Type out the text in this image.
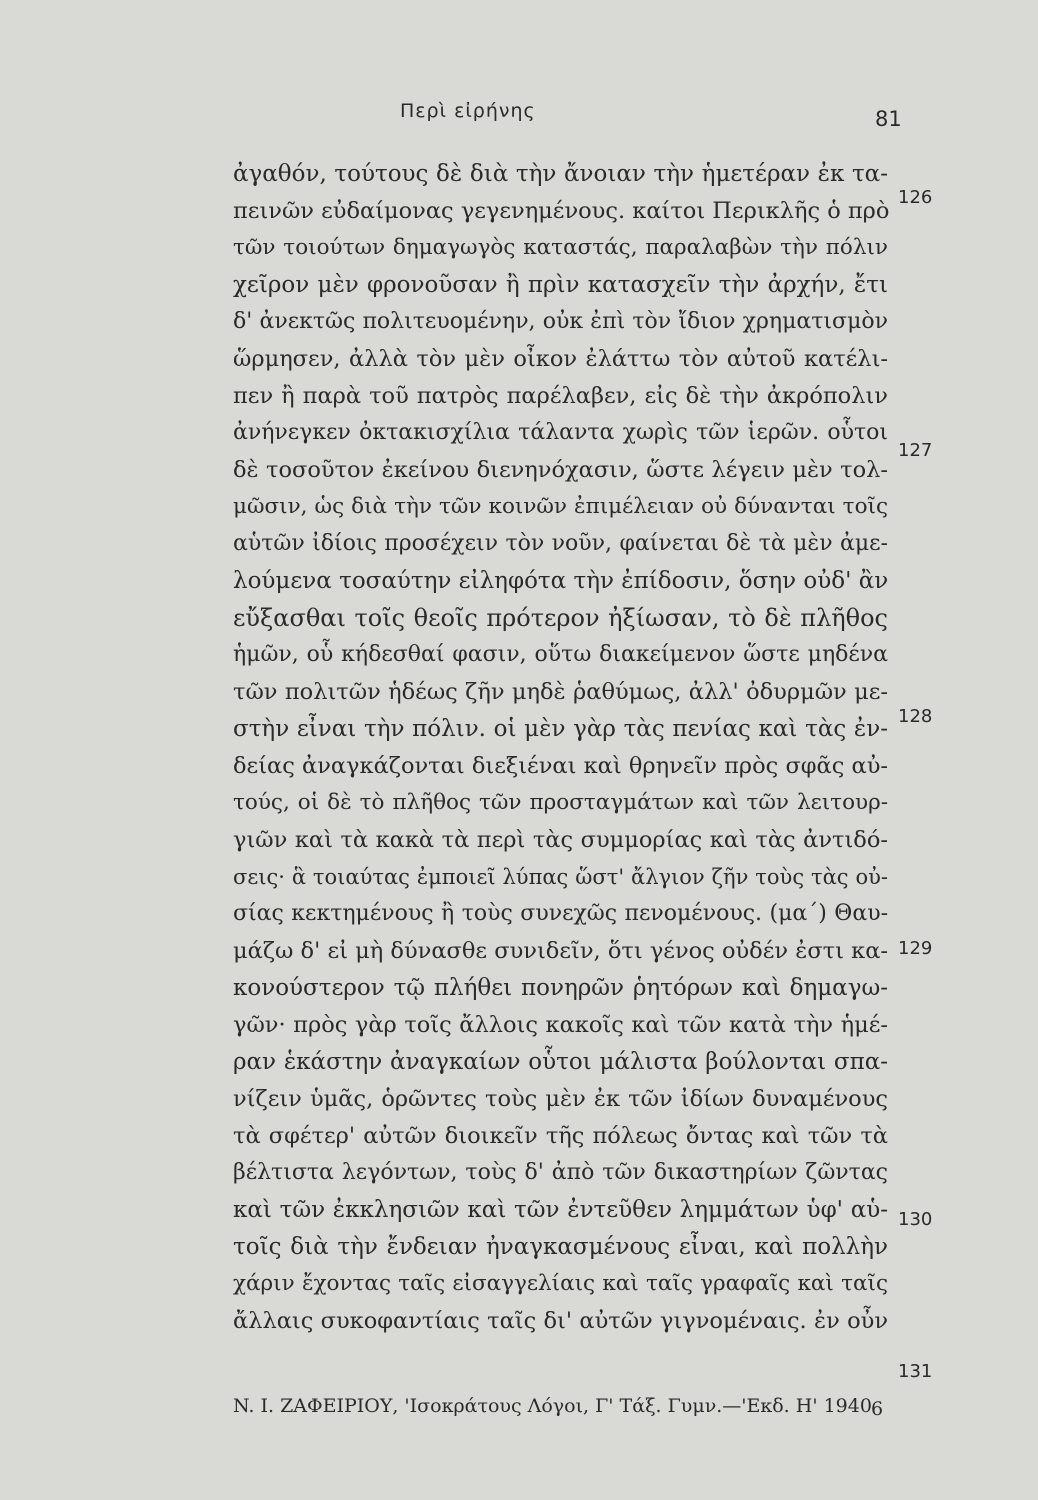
Περὶ εἰρήνης	81
ἀγαθόν, τούτους δὲ διὰ τὴν ἄνοιαν τὴν ἡμετέραν ἐκ τα-
πεινῶν εὐδαίμονας γεγενημένους. καίτοι Περικλῆς ὁ πρὸ
τῶν τοιούτων δημαγωγὸς καταστάς, παραλαβὼν τὴν πόλιν
χεῖρον μὲν φρονοῦσαν ἢ πρὶν κατασχεῖν τὴν ἀρχήν, ἔτι
δ' ἀνεκτῶς πολιτευομένην, οὐκ ἐπὶ τὸν ἴδιον χρηματισμὸν
ὥρμησεν, ἀλλὰ τὸν μὲν οἶκον ἐλάττω τὸν αὐτοῦ κατέλι-
πεν ἢ παρὰ τοῦ πατρὸς παρέλαβεν, εἰς δὲ τὴν ἀκρόπολιν
ἀνήνεγκεν ὀκτακισχίλια τάλαντα χωρὶς τῶν ἱερῶν. οὗτοι
δὲ τοσοῦτον ἐκείνου διενηνόχασιν, ὥστε λέγειν μὲν τολ-
μῶσιν, ὡς διὰ τὴν τῶν κοινῶν ἐπιμέλειαν οὐ δύνανται τοῖς
αὑτῶν ἰδίοις προσέχειν τὸν νοῦν, φαίνεται δὲ τὰ μὲν ἀμε-
λούμενα τοσαύτην εἰληφότα τὴν ἐπίδοσιν, ὅσην οὐδ' ἂν
εὔξασθαι τοῖς θεοῖς πρότερον ἠξίωσαν, τὸ δὲ πλῆθος
ἡμῶν, οὗ κήδεσθαί φασιν, οὕτω διακείμενον ὥστε μηδένα
τῶν πολιτῶν ἡδέως ζῆν μηδὲ ῥαθύμως, ἀλλ' ὀδυρμῶν με-
στὴν εἶναι τὴν πόλιν. οἱ μὲν γὰρ τὰς πενίας καὶ τὰς ἐν-
δείας ἀναγκάζονται διεξιέναι καὶ θρηνεῖν πρὸς σφᾶς αὐ-
τούς, οἱ δὲ τὸ πλῆθος τῶν προσταγμάτων καὶ τῶν λειτουρ-
γιῶν καὶ τὰ κακὰ τὰ περὶ τὰς συμμορίας καὶ τὰς ἀντιδό-
σεις· ἃ τοιαύτας ἐμποιεῖ λύπας ὥστ' ἄλγιον ζῆν τοὺς τὰς οὐ-
σίας κεκτημένους ἢ τοὺς συνεχῶς πενομένους. (μα΄) Θαυ-
μάζω δ' εἰ μὴ δύνασθε συνιδεῖν, ὅτι γένος οὐδέν ἐστι κα-
κονούστερον τῷ πλήθει πονηρῶν ῥητόρων καὶ δημαγω-
γῶν· πρὸς γὰρ τοῖς ἄλλοις κακοῖς καὶ τῶν κατὰ τὴν ἡμέ-
ραν ἑκάστην ἀναγκαίων οὗτοι μάλιστα βούλονται σπα-
νίζειν ὑμᾶς, ὁρῶντες τοὺς μὲν ἐκ τῶν ἰδίων δυναμένους
τὰ σφέτερ' αὐτῶν διοικεῖν τῆς πόλεως ὄντας καὶ τῶν τὰ
βέλτιστα λεγόντων, τοὺς δ' ἀπὸ τῶν δικαστηρίων ζῶντας
καὶ τῶν ἐκκλησιῶν καὶ τῶν ἐντεῦθεν λημμάτων ὑφ' αὑ-
τοῖς διὰ τὴν ἔνδειαν ἠναγκασμένους εἶναι, καὶ πολλὴν
χάριν ἔχοντας ταῖς εἰσαγγελίαις καὶ ταῖς γραφαῖς καὶ ταῖς
ἄλλαις συκοφαντίαις ταῖς δι' αὐτῶν γιγνομέναις. ἐν οὖν
126
127
128
129
130
131
N. I. ΖΑΦΕΙΡΙΟΥ, 'Ισοκράτους Λόγοι, Γ' Τάξ. Γυμν.—'Εκδ. Η' 1940 6
